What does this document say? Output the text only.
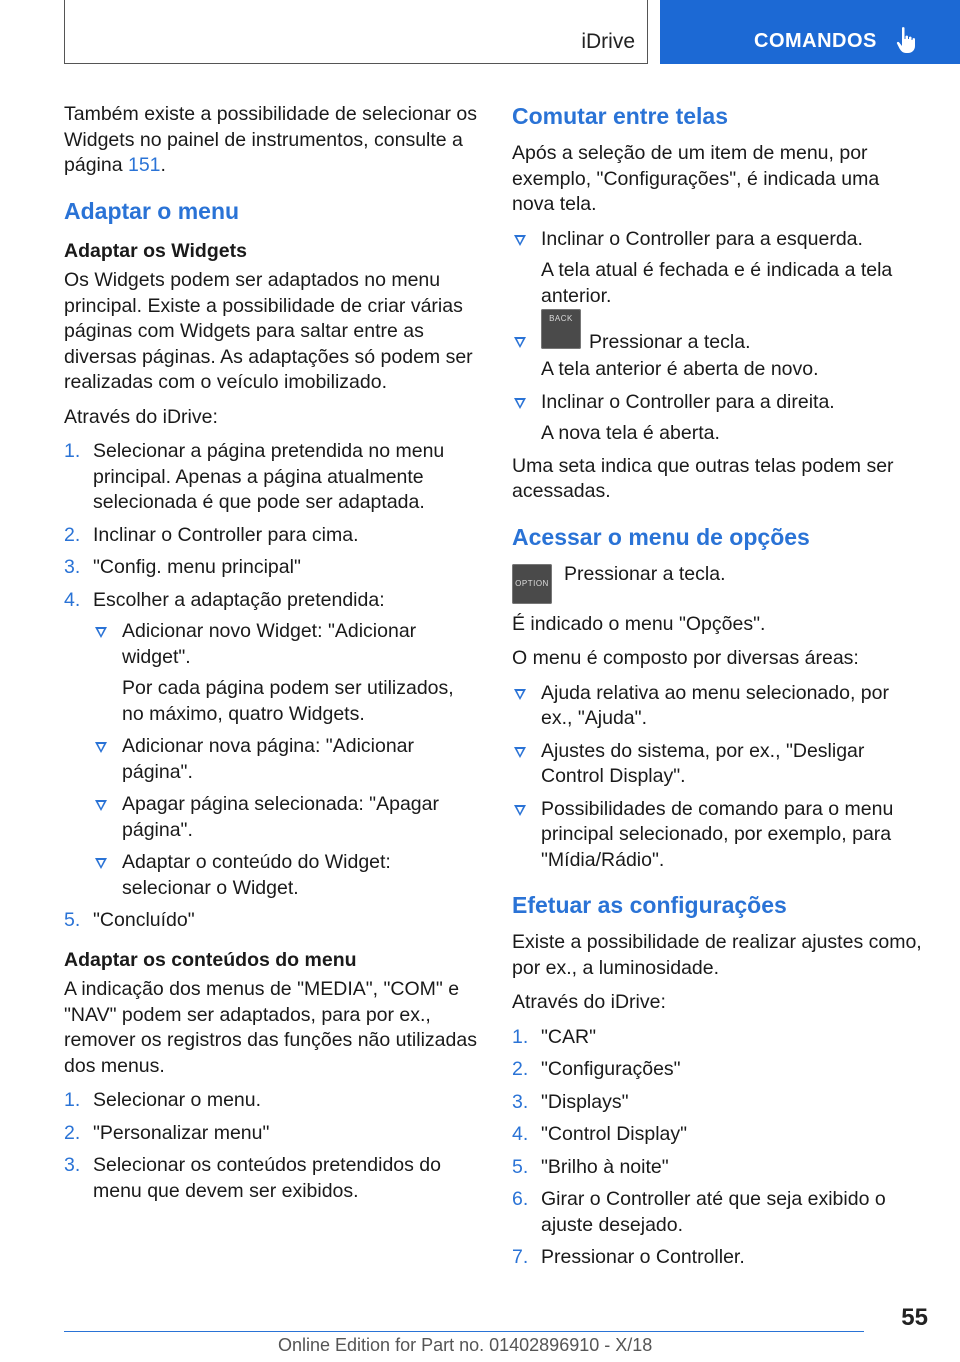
iDrive	COMANDOS

Também existe a possibilidade de selecionar os Widgets no painel de instrumentos, consulte a página 151.

Adaptar o menu
Adaptar os Widgets

Os Widgets podem ser adaptados no menu principal. Existe a possibilidade de criar várias páginas com Widgets para saltar entre as diversas páginas. As adaptações só podem ser realizadas com o veículo imobilizado.

Através do iDrive:

1. Selecionar a página pretendida no menu principal. Apenas a página atualmente selecionada é que pode ser adaptada.
2. Inclinar o Controller para cima.
3. "Config. menu principal"
4. Escolher a adaptação pretendida:
Adicionar novo Widget: "Adicionar widget".
Por cada página podem ser utilizados, no máximo, quatro Widgets.
Adicionar nova página: "Adicionar página".
Apagar página selecionada: "Apagar página".
Adaptar o conteúdo do Widget: selecionar o Widget.
5. "Concluído"
Adaptar os conteúdos do menu

A indicação dos menus de "MEDIA", "COM" e "NAV" podem ser adaptados, para por ex., remover os registros das funções não utilizadas dos menus.

1. Selecionar o menu.
2. "Personalizar menu"
3. Selecionar os conteúdos pretendidos do menu que devem ser exibidos.
Comutar entre telas

Após a seleção de um item de menu, por exemplo, "Configurações", é indicada uma nova tela.

Inclinar o Controller para a esquerda.
A tela atual é fechada e é indicada a tela anterior.
BACKPressionar a tecla.
A tela anterior é aberta de novo.
Inclinar o Controller para a direita.
A nova tela é aberta.

Uma seta indica que outras telas podem ser acessadas.

Acessar o menu de opções
OPTION Pressionar a tecla.

É indicado o menu "Opções".

O menu é composto por diversas áreas:

Ajuda relativa ao menu selecionado, por ex., "Ajuda".
Ajustes do sistema, por ex., "Desligar Control Display".
Possibilidades de comando para o menu principal selecionado, por exemplo, para "Mídia/Rádio".
Efetuar as configurações

Existe a possibilidade de realizar ajustes como, por ex., a luminosidade.

Através do iDrive:

1. "CAR"
2. "Configurações"
3. "Displays"
4. "Control Display"
5. "Brilho à noite"
6. Girar o Controller até que seja exibido o ajuste desejado.
7. Pressionar o Controller.
55
Online Edition for Part no. 01402896910 - X/18
